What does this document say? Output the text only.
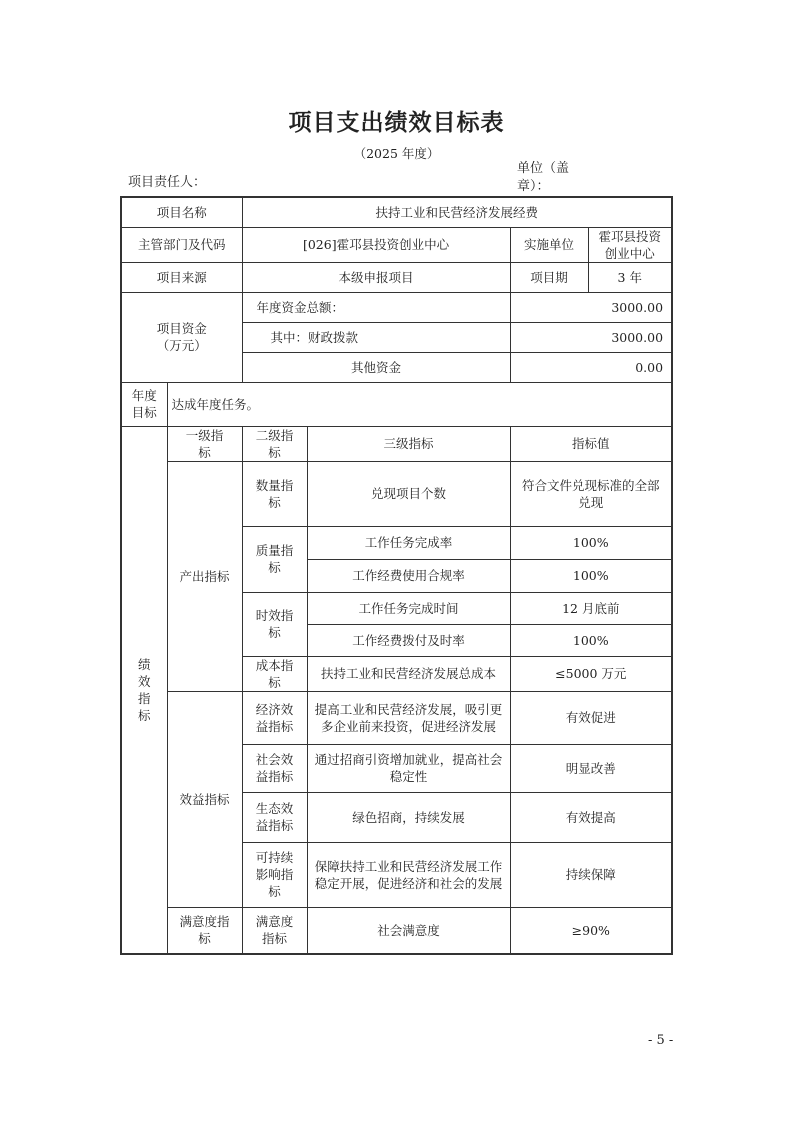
项目支出绩效目标表
（2025 年度）
项目责任人：
单位（盖章）：
项目名称		扶持工业和民营经济发展经费			
主管部门及代码		[026]霍邛县投资创业中心		实施单位	霍邛县投资创业中心
项目来源		本级申报项目		项目期	3 年
项目资金（万元）		年度资金总额：		3000.00	
		其中：财政拨款		3000.00	
		其他资金		0.00	
年度目标	达成年度任务。				
绩效指标	一级指标	二级指标	三级指标	指标值	
	产出指标	数量指标	兑现项目个数	符合文件兑现标准的全部兑现	
		质量指标	工作任务完成率	100%	
			工作经费使用合规率	100%	
		时效指标	工作任务完成时间	12 月底前	
			工作经费拨付及时率	100%	
		成本指标	扶持工业和民营经济发展总成本	≤5000 万元	
	效益指标	经济效益指标	提高工业和民营经济发展，吸引更多企业前来投资，促进经济发展	有效促进	
		社会效益指标	通过招商引资增加就业，提高社会稳定性	明显改善	
		生态效益指标	绿色招商，持续发展	有效提高	
		可持续影响指标	保障扶持工业和民营经济发展工作稳定开展，促进经济和社会的发展	持续保障	
	满意度指标	满意度指标	社会满意度	≥90%	
- 5 -
